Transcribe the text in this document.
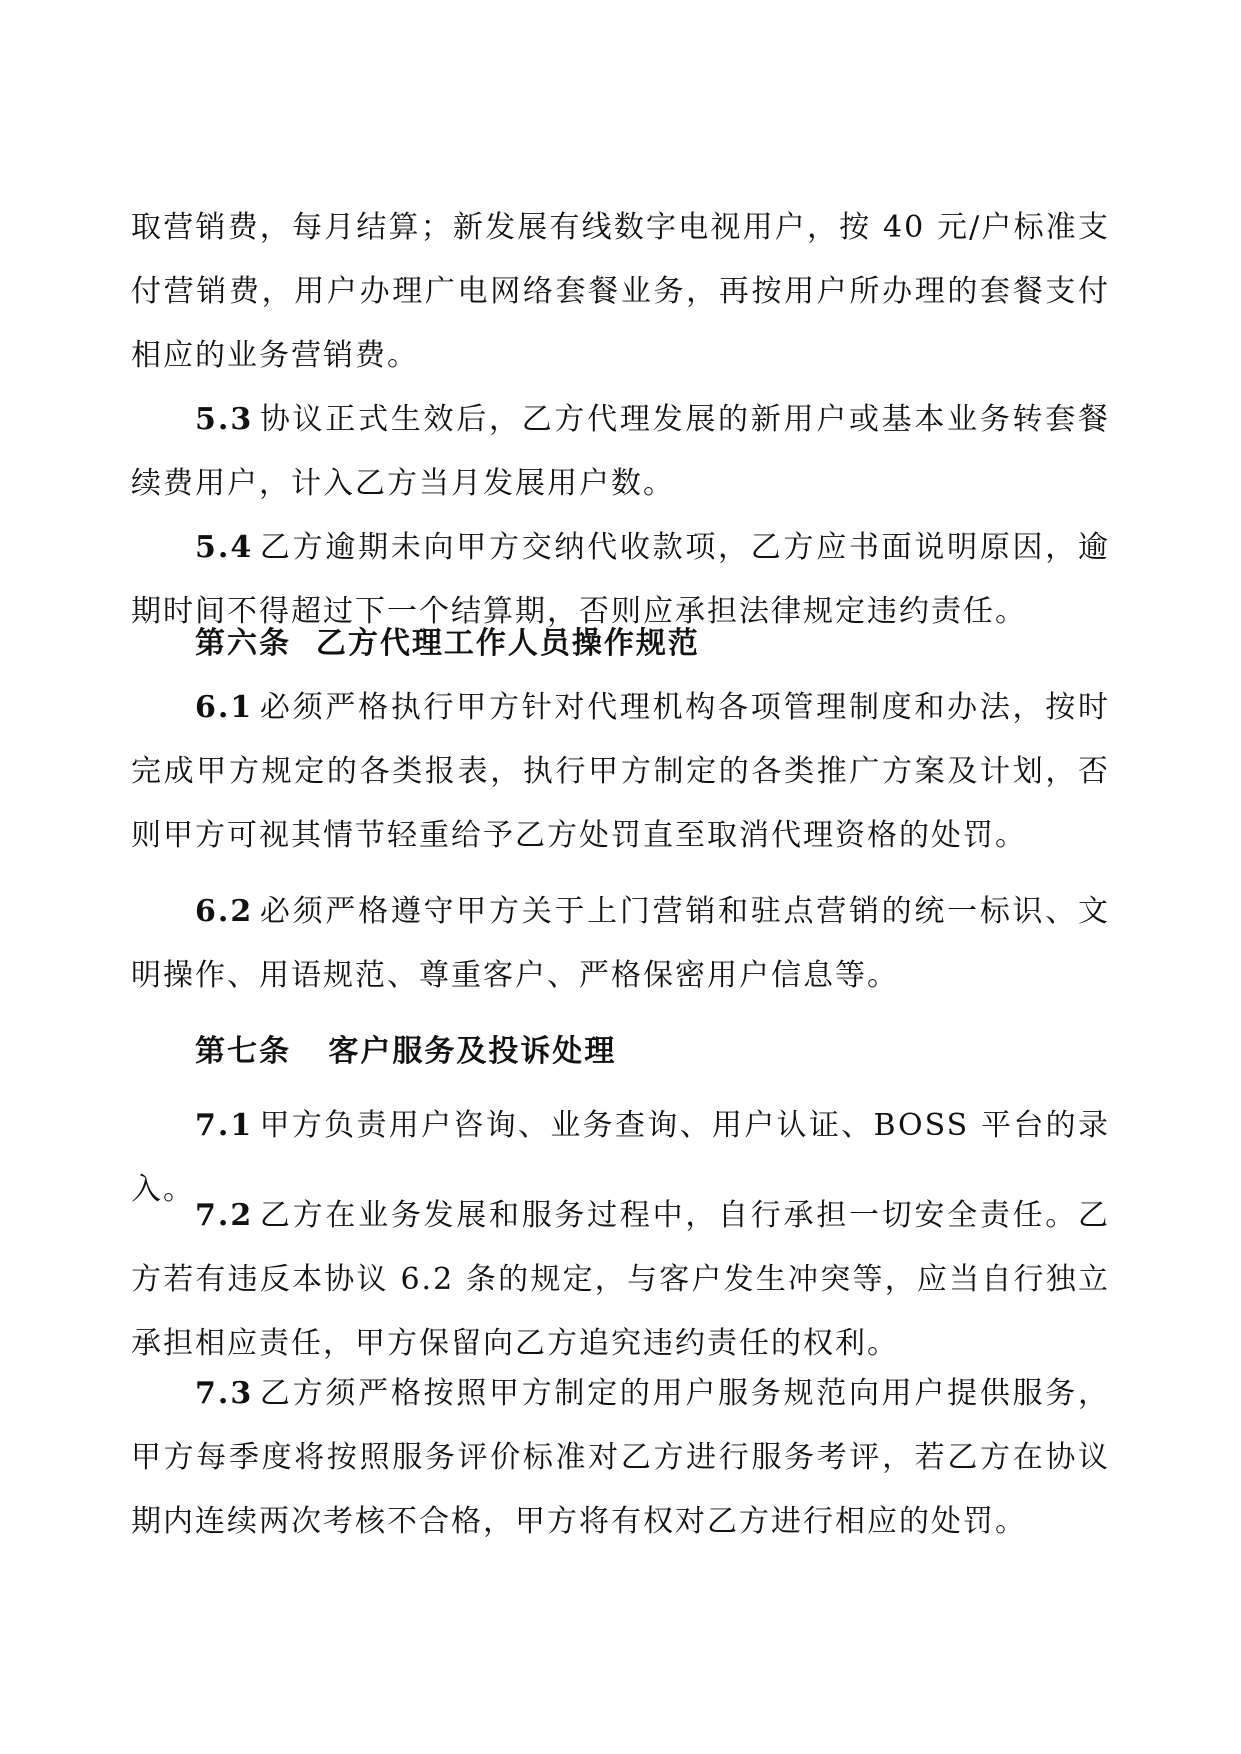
取营销费，每月结算；新发展有线数字电视用户，按 40 元/户标准支付营销费，用户办理广电网络套餐业务，再按用户所办理的套餐支付相应的业务营销费。

5.3 协议正式生效后，乙方代理发展的新用户或基本业务转套餐续费用户，计入乙方当月发展用户数。

5.4 乙方逾期未向甲方交纳代收款项，乙方应书面说明原因，逾期时间不得超过下一个结算期，否则应承担法律规定违约责任。

第六条  乙方代理工作人员操作规范

6.1 必须严格执行甲方针对代理机构各项管理制度和办法，按时完成甲方规定的各类报表，执行甲方制定的各类推广方案及计划，否则甲方可视其情节轻重给予乙方处罚直至取消代理资格的处罚。

6.2 必须严格遵守甲方关于上门营销和驻点营销的统一标识、文明操作、用语规范、尊重客户、严格保密用户信息等。

第七条   客户服务及投诉处理

7.1 甲方负责用户咨询、业务查询、用户认证、BOSS 平台的录入。

7.2 乙方在业务发展和服务过程中，自行承担一切安全责任。乙方若有违反本协议 6.2 条的规定，与客户发生冲突等，应当自行独立承担相应责任，甲方保留向乙方追究违约责任的权利。

7.3 乙方须严格按照甲方制定的用户服务规范向用户提供服务，甲方每季度将按照服务评价标准对乙方进行服务考评，若乙方在协议期内连续两次考核不合格，甲方将有权对乙方进行相应的处罚。
